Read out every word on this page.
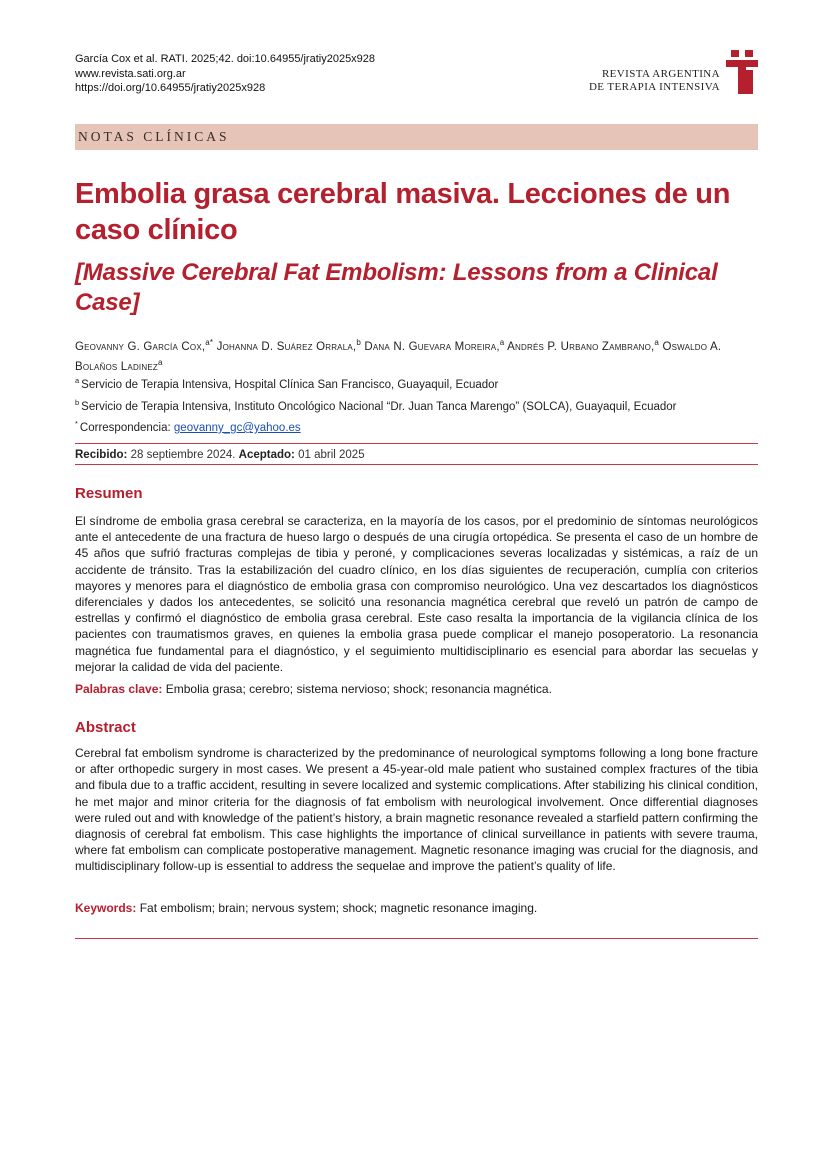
García Cox et al. RATI. 2025;42. doi:10.64955/jratiy2025x928
www.revista.sati.org.ar
https://doi.org/10.64955/jratiy2025x928
REVISTA ARGENTINA
DE TERAPIA INTENSIVA
NOTAS CLÍNICAS
Embolia grasa cerebral masiva. Lecciones de un caso clínico
[Massive Cerebral Fat Embolism: Lessons from a Clinical Case]
Geovanny G. García Cox,$^{a*}$ Johanna D. Suárez Orrala,$^b$ Dana N. Guevara Moreira,$^a$ Andrés P. Urbano Zambrano,$^a$ Oswaldo A. Bolaños Ladinez$^a$
$^a$ Servicio de Terapia Intensiva, Hospital Clínica San Francisco, Guayaquil, Ecuador
$^b$ Servicio de Terapia Intensiva, Instituto Oncológico Nacional “Dr. Juan Tanca Marengo” (SOLCA), Guayaquil, Ecuador
* Correspondencia: geovanny_gc@yahoo.es
Recibido: 28 septiembre 2024. Aceptado: 01 abril 2025
Resumen

El síndrome de embolia grasa cerebral se caracteriza, en la mayoría de los casos, por el predominio de síntomas neurológicos ante el antecedente de una fractura de hueso largo o después de una cirugía ortopédica. Se presenta el caso de un hombre de 45 años que sufrió fracturas complejas de tibia y peroné, y complicaciones severas localizadas y sistémicas, a raíz de un accidente de tránsito. Tras la estabilización del cuadro clínico, en los días siguientes de recuperación, cumplía con criterios mayores y menores para el diagnóstico de embolia grasa con compromiso neurológico. Una vez descartados los diagnósticos diferenciales y dados los antecedentes, se solicitó una resonancia magnética cerebral que reveló un patrón de campo de estrellas y confirmó el diagnóstico de embolia grasa cerebral. Este caso resalta la importancia de la vigilancia clínica de los pacientes con traumatismos graves, en quienes la embolia grasa puede complicar el manejo posoperatorio. La resonancia magnética fue fundamental para el diagnóstico, y el seguimiento multidisciplinario es esencial para abordar las secuelas y mejorar la calidad de vida del paciente.

Palabras clave: Embolia grasa; cerebro; sistema nervioso; shock; resonancia magnética.

Abstract

Cerebral fat embolism syndrome is characterized by the predominance of neurological symptoms following a long bone fracture or after orthopedic surgery in most cases. We present a 45-year-old male patient who sustained complex fractures of the tibia and fibula due to a traffic accident, resulting in severe localized and systemic complications. After stabilizing his clinical condition, he met major and minor criteria for the diagnosis of fat embolism with neurological involvement. Once differential diagnoses were ruled out and with knowledge of the patient’s history, a brain magnetic resonance revealed a starfield pattern confirming the diagnosis of cerebral fat embolism. This case highlights the importance of clinical surveillance in patients with severe trauma, where fat embolism can complicate postoperative management. Magnetic resonance imaging was crucial for the diagnosis, and multidisciplinary follow-up is essential to address the sequelae and improve the patient’s quality of life.

Keywords: Fat embolism; brain; nervous system; shock; magnetic resonance imaging.
